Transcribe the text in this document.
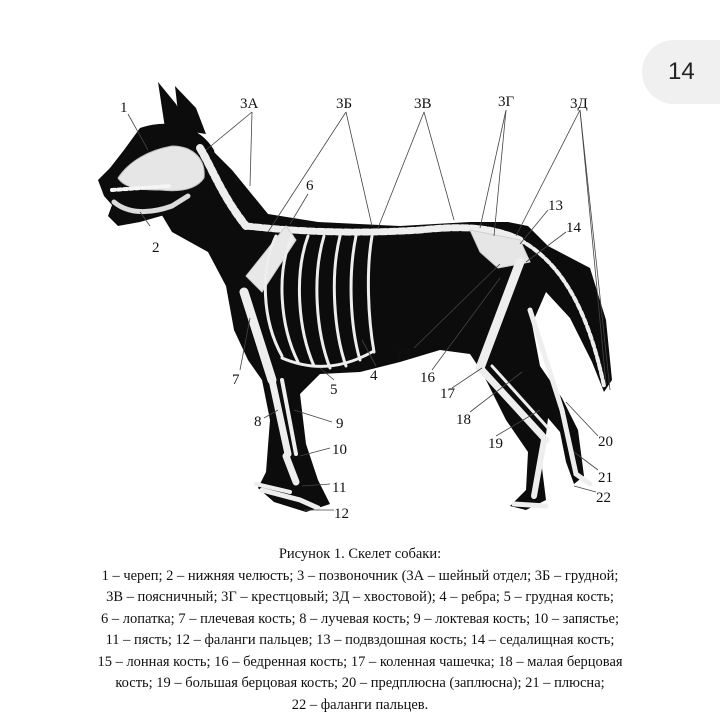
14
1
2
3А	3Б	3В	3Г	3Д
4
5
6
7
8	9
10
11
12
13
14
15
16
17
18
19	20
21
22
Рисунок 1. Скелет собаки:
1 – череп; 2 – нижняя челюсть; 3 – позвоночник (3А – шейный отдел; 3Б – грудной;
3В – поясничный; 3Г – крестцовый; 3Д – хвостовой); 4 – ребра; 5 – грудная кость;
6 – лопатка; 7 – плечевая кость; 8 – лучевая кость; 9 – локтевая кость; 10 – запястье;
11 – пясть; 12 – фаланги пальцев; 13 – подвздошная кость; 14 – седалищная кость;
15 – лонная кость; 16 – бедренная кость; 17 – коленная чашечка; 18 – малая берцовая
кость; 19 – большая берцовая кость; 20 – предплюсна (заплюсна); 21 – плюсна;
22 – фаланги пальцев.
